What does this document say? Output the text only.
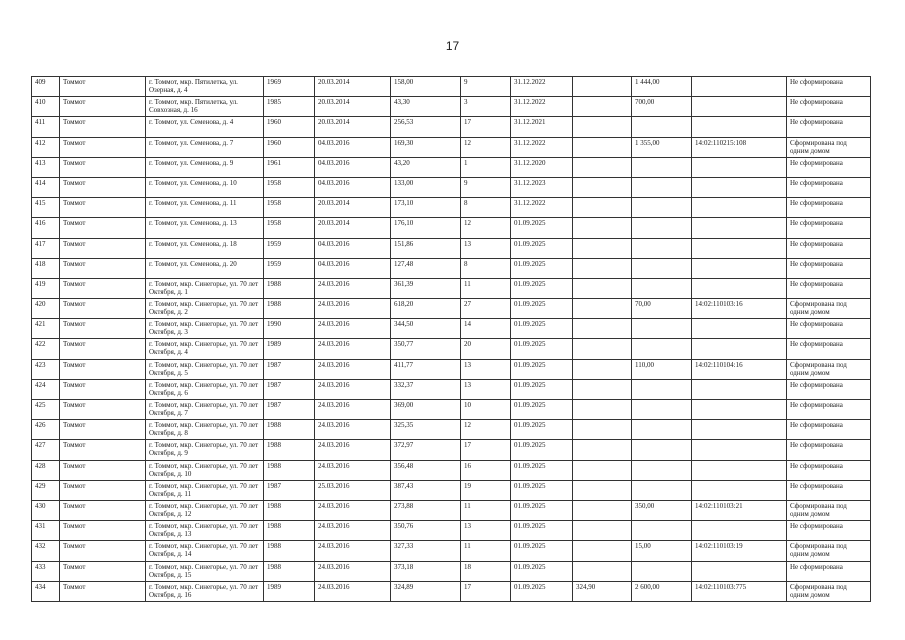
17
409	Томмот	г. Томмот, мкр. Пятилетка, ул. Озерная, д. 4	1969	20.03.2014	158,00	9	31.12.2022		1 444,00		Не сформирована
410	Томмот	г. Томмот, мкр. Пятилетка, ул. Совхозная, д. 16	1985	20.03.2014	43,30	3	31.12.2022		700,00		Не сформирована
411	Томмот	г. Томмот, ул. Семенова, д. 4	1960	20.03.2014	256,53	17	31.12.2021				Не сформирована
412	Томмот	г. Томмот, ул. Семенова, д. 7	1960	04.03.2016	169,30	12	31.12.2022		1 355,00	14:02:110215:108	Сформирована под одним домом
413	Томмот	г. Томмот, ул. Семенова, д. 9	1961	04.03.2016	43,20	1	31.12.2020				Не сформирована
414	Томмот	г. Томмот, ул. Семенова, д. 10	1958	04.03.2016	133,00	9	31.12.2023				Не сформирована
415	Томмот	г. Томмот, ул. Семенова, д. 11	1958	20.03.2014	173,10	8	31.12.2022				Не сформирована
416	Томмот	г. Томмот, ул. Семенова, д. 13	1958	20.03.2014	176,10	12	01.09.2025				Не сформирована
417	Томмот	г. Томмот, ул. Семенова, д. 18	1959	04.03.2016	151,86	13	01.09.2025				Не сформирована
418	Томмот	г. Томмот, ул. Семенова, д. 20	1959	04.03.2016	127,48	8	01.09.2025				Не сформирована
419	Томмот	г. Томмот, мкр. Синегорье, ул. 70 лет Октября, д. 1	1988	24.03.2016	361,39	11	01.09.2025				Не сформирована
420	Томмот	г. Томмот, мкр. Синегорье, ул. 70 лет Октября, д. 2	1988	24.03.2016	618,20	27	01.09.2025		70,00	14:02:110103:16	Сформирована под одним домом
421	Томмот	г. Томмот, мкр. Синегорье, ул. 70 лет Октября, д. 3	1990	24.03.2016	344,50	14	01.09.2025				Не сформирована
422	Томмот	г. Томмот, мкр. Синегорье, ул. 70 лет Октября, д. 4	1989	24.03.2016	350,77	20	01.09.2025				Не сформирована
423	Томмот	г. Томмот, мкр. Синегорье, ул. 70 лет Октября, д. 5	1987	24.03.2016	411,77	13	01.09.2025		110,00	14:02:110104:16	Сформирована под одним домом
424	Томмот	г. Томмот, мкр. Синегорье, ул. 70 лет Октября, д. 6	1987	24.03.2016	332,37	13	01.09.2025				Не сформирована
425	Томмот	г. Томмот, мкр. Синегорье, ул. 70 лет Октября, д. 7	1987	24.03.2016	369,00	10	01.09.2025				Не сформирована
426	Томмот	г. Томмот, мкр. Синегорье, ул. 70 лет Октября, д. 8	1988	24.03.2016	325,35	12	01.09.2025				Не сформирована
427	Томмот	г. Томмот, мкр. Синегорье, ул. 70 лет Октября, д. 9	1988	24.03.2016	372,97	17	01.09.2025				Не сформирована
428	Томмот	г. Томмот, мкр. Синегорье, ул. 70 лет Октября, д. 10	1988	24.03.2016	356,48	16	01.09.2025				Не сформирована
429	Томмот	г. Томмот, мкр. Синегорье, ул. 70 лет Октября, д. 11	1987	25.03.2016	387,43	19	01.09.2025				Не сформирована
430	Томмот	г. Томмот, мкр. Синегорье, ул. 70 лет Октября, д. 12	1988	24.03.2016	273,88	11	01.09.2025		350,00	14:02:110103:21	Сформирована под одним домом
431	Томмот	г. Томмот, мкр. Синегорье, ул. 70 лет Октября, д. 13	1988	24.03.2016	350,76	13	01.09.2025				Не сформирована
432	Томмот	г. Томмот, мкр. Синегорье, ул. 70 лет Октября, д. 14	1988	24.03.2016	327,33	11	01.09.2025		15,00	14:02:110103:19	Сформирована под одним домом
433	Томмот	г. Томмот, мкр. Синегорье, ул. 70 лет Октября, д. 15	1988	24.03.2016	373,18	18	01.09.2025				Не сформирована
434	Томмот	г. Томмот, мкр. Синегорье, ул. 70 лет Октября, д. 16	1989	24.03.2016	324,89	17	01.09.2025	324,90	2 600,00	14:02:110103:775	Сформирована под одним домом
